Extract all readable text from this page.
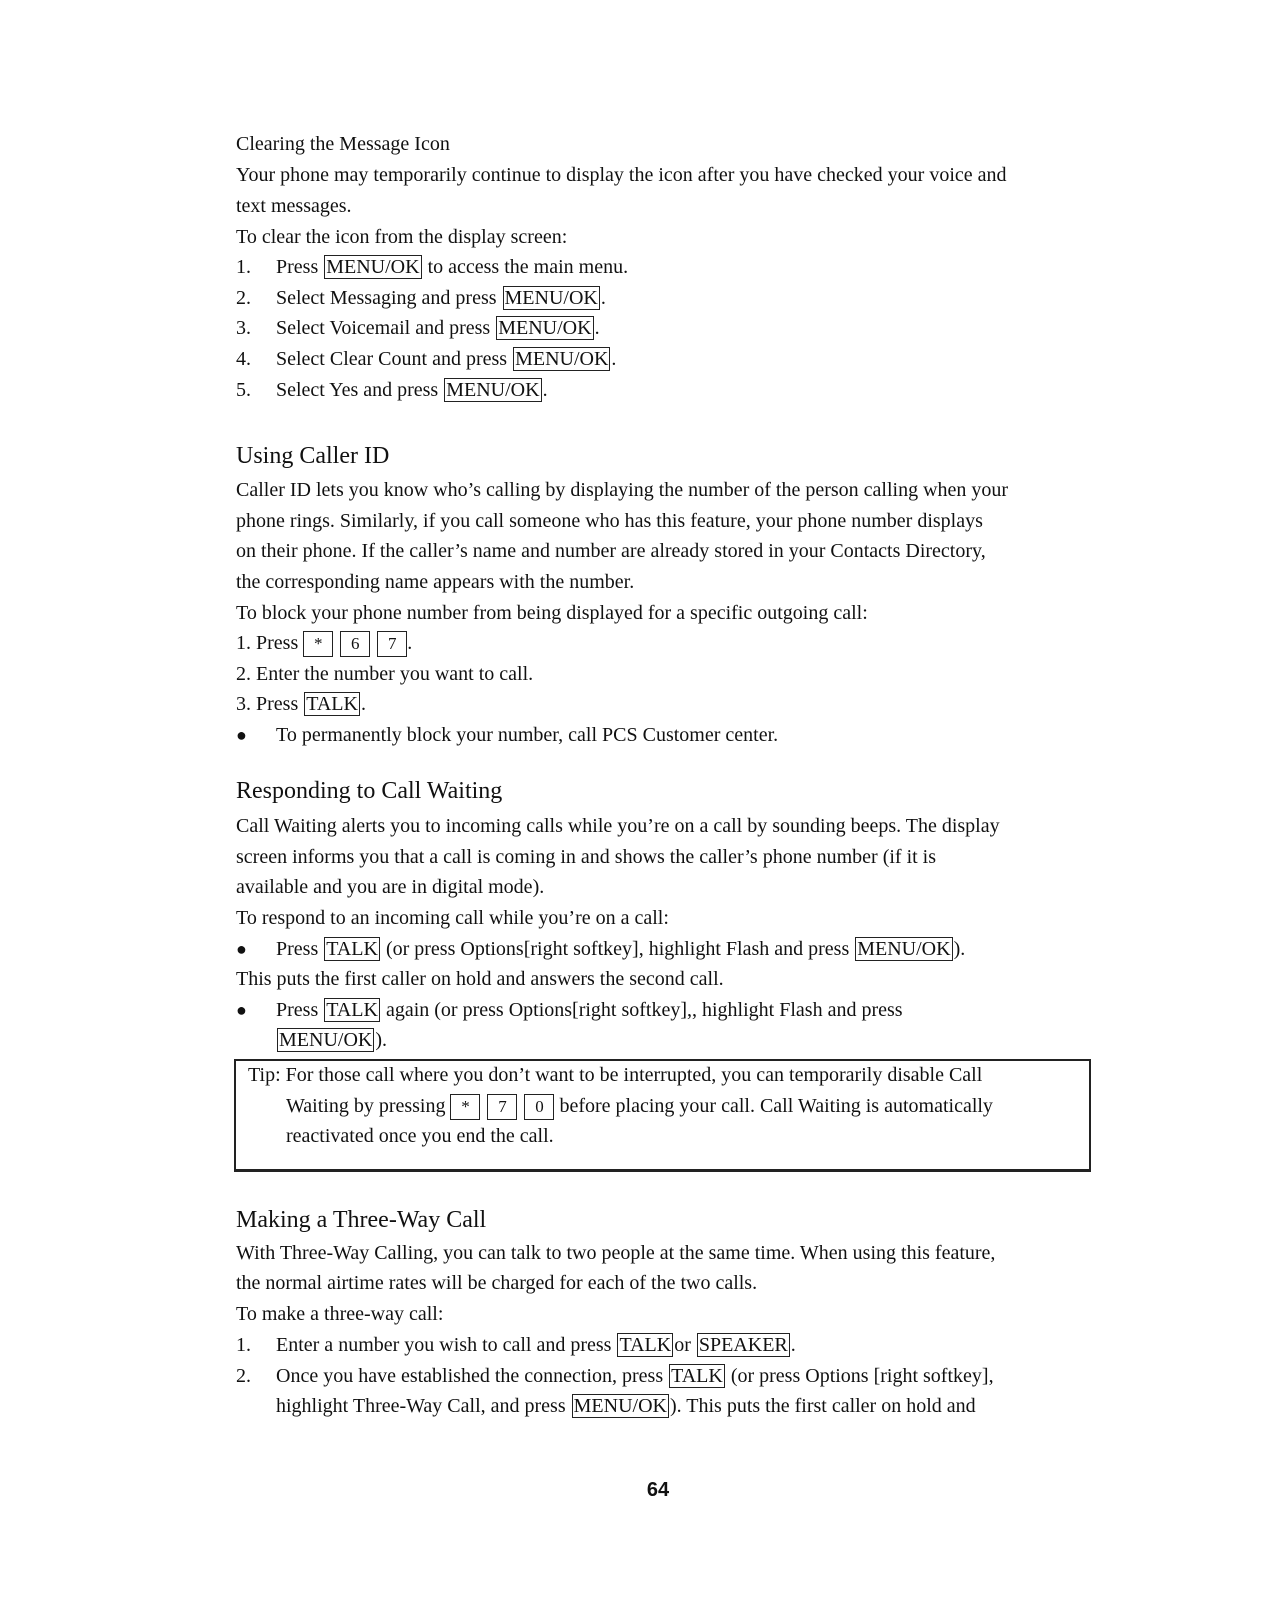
Clearing the Message Icon
Your phone may temporarily continue to display the icon after you have checked your voice and
text messages.
To clear the icon from the display screen:
1. Press MENU/OK to access the main menu.
2. Select Messaging and press MENU/OK .
3. Select Voicemail and press MENU/OK .
4. Select Clear Count and press MENU/OK .
5. Select Yes and press MENU/OK .
Using Caller ID
Caller ID lets you know who’s calling by displaying the number of the person calling when your
phone rings. Similarly, if you call someone who has this feature, your phone number displays
on their phone. If the caller’s name and number are already stored in your Contacts Directory,
the corresponding name appears with the number.
To block your phone number from being displayed for a specific outgoing call:
1. Press * 6 7 .
2. Enter the number you want to call.
3. Press TALK .
● To permanently block your number, call PCS Customer center.
Responding to Call Waiting
Call Waiting alerts you to incoming calls while you’re on a call by sounding beeps. The display
screen informs you that a call is coming in and shows the caller’s phone number (if it is
available and you are in digital mode).
To respond to an incoming call while you’re on a call:
● Press TALK (or press Options[right softkey], highlight Flash and press MENU/OK ).
This puts the first caller on hold and answers the second call.
● Press TALK again (or press Options[right softkey],, highlight Flash and press
MENU/OK ).
Tip: For those call where you don’t want to be interrupted, you can temporarily disable Call
Waiting by pressing * 7 0 before placing your call. Call Waiting is automatically
reactivated once you end the call.
Making a Three-Way Call
With Three-Way Calling, you can talk to two people at the same time. When using this feature,
the normal airtime rates will be charged for each of the two calls.
To make a three-way call:
1. Enter a number you wish to call and press TALK or SPEAKER .
2. Once you have established the connection, press TALK (or press Options [right softkey],
highlight Three-Way Call, and press MENU/OK ). This puts the first caller on hold and
64
